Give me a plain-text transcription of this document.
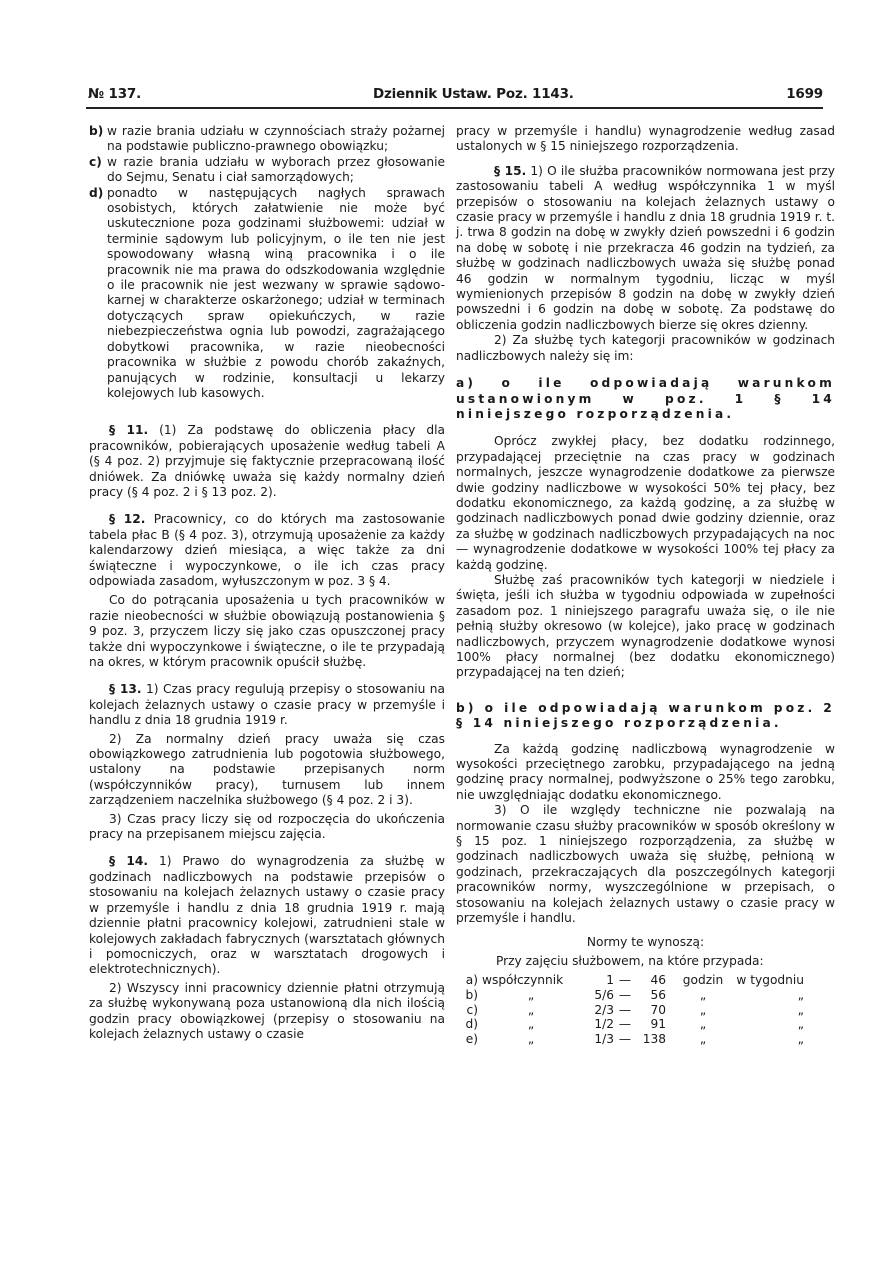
№ 137.	Dziennik Ustaw. Poz. 1143.	1699
b) w razie brania udziału w czynnościach straży pożarnej na podstawie publiczno-prawnego obowiązku;
c) w razie brania udziału w wyborach przez głosowanie do Sejmu, Senatu i ciał samorządowych;
d) ponadto w następujących nagłych sprawach osobistych, których załatwienie nie może być uskutecznione poza godzinami służbowemi: udział w terminie sądowym lub policyjnym, o ile ten nie jest spowodowany własną winą pracownika i o ile pracownik nie ma prawa do odszkodowania względnie o ile pracownik nie jest wezwany w sprawie sądowo-karnej w charakterze oskarżonego; udział w terminach dotyczących spraw opiekuńczych, w razie niebezpieczeństwa ognia lub powodzi, zagrażającego dobytkowi pracownika, w razie nieobecności pracownika w służbie z powodu chorób zakaźnych, panujących w rodzinie, konsultacji u lekarzy kolejowych lub kasowych.

§ 11. (1) Za podstawę do obliczenia płacy dla pracowników, pobierających uposażenie według tabeli A (§ 4 poz. 2) przyjmuje się faktycznie przepracowaną ilość dniówek. Za dniówkę uważa się każdy normalny dzień pracy (§ 4 poz. 2 i § 13 poz. 2).

§ 12. Pracownicy, co do których ma zastosowanie tabela płac B (§ 4 poz. 3), otrzymują uposażenie za każdy kalendarzowy dzień miesiąca, a więc także za dni świąteczne i wypoczynkowe, o ile ich czas pracy odpowiada zasadom, wyłuszczonym w poz. 3 § 4.

Co do potrącania uposażenia u tych pracowników w razie nieobecności w służbie obowiązują postanowienia § 9 poz. 3, przyczem liczy się jako czas opuszczonej pracy także dni wypoczynkowe i świąteczne, o ile te przypadają na okres, w którym pracownik opuścił służbę.

§ 13. 1) Czas pracy regulują przepisy o stosowaniu na kolejach żelaznych ustawy o czasie pracy w przemyśle i handlu z dnia 18 grudnia 1919 r.

2) Za normalny dzień pracy uważa się czas obowiązkowego zatrudnienia lub pogotowia służbowego, ustalony na podstawie przepisanych norm (współczynników pracy), turnusem lub innem zarządzeniem naczelnika służbowego (§ 4 poz. 2 i 3).

3) Czas pracy liczy się od rozpoczęcia do ukończenia pracy na przepisanem miejscu zajęcia.

§ 14. 1) Prawo do wynagrodzenia za służbę w godzinach nadliczbowych na podstawie przepisów o stosowaniu na kolejach żelaznych ustawy o czasie pracy w przemyśle i handlu z dnia 18 grudnia 1919 r. mają dziennie płatni pracownicy kolejowi, zatrudnieni stale w kolejowych zakładach fabrycznych (warsztatach głównych i pomocniczych, oraz w warsztatach drogowych i elektrotechnicznych).

2) Wszyscy inni pracownicy dziennie płatni otrzymują za służbę wykonywaną poza ustanowioną dla nich ilością godzin pracy obowiązkowej (przepisy o stosowaniu na kolejach żelaznych ustawy o czasie

pracy w przemyśle i handlu) wynagrodzenie według zasad ustalonych w § 15 niniejszego rozporządzenia.

§ 15. 1) O ile służba pracowników normowana jest przy zastosowaniu tabeli A według współczynnika 1 w myśl przepisów o stosowaniu na kolejach żelaznych ustawy o czasie pracy w przemyśle i handlu z dnia 18 grudnia 1919 r. t. j. trwa 8 godzin na dobę w zwykły dzień powszedni i 6 godzin na dobę w sobotę i nie przekracza 46 godzin na tydzień, za służbę w godzinach nadliczbowych uważa się służbę ponad 46 godzin w normalnym tygodniu, licząc w myśl wymienionych przepisów 8 godzin na dobę w zwykły dzień powszedni i 6 godzin na dobę w sobotę. Za podstawę do obliczenia godzin nadliczbowych bierze się okres dzienny.

2) Za służbę tych kategorji pracowników w godzinach nadliczbowych należy się im:

a) o ile odpowiadają warunkom ustanowionym w poz. 1 § 14 niniejszego rozporządzenia.

Oprócz zwykłej płacy, bez dodatku rodzinnego, przypadającej przeciętnie na czas pracy w godzinach normalnych, jeszcze wynagrodzenie dodatkowe za pierwsze dwie godziny nadliczbowe w wysokości 50% tej płacy, bez dodatku ekonomicznego, za każdą godzinę, a za służbę w godzinach nadliczbowych ponad dwie godziny dziennie, oraz za służbę w godzinach nadliczbowych przypadających na noc — wynagrodzenie dodatkowe w wysokości 100% tej płacy za każdą godzinę.

Służbę zaś pracowników tych kategorji w niedziele i święta, jeśli ich służba w tygodniu odpowiada w zupełności zasadom poz. 1 niniejszego paragrafu uważa się, o ile nie pełnią służby okresowo (w kolejce), jako pracę w godzinach nadliczbowych, przyczem wynagrodzenie dodatkowe wynosi 100% płacy normalnej (bez dodatku ekonomicznego) przypadającej na ten dzień;

b) o ile odpowiadają warunkom poz. 2 § 14 niniejszego rozporządzenia.

Za każdą godzinę nadliczbową wynagrodzenie w wysokości przeciętnego zarobku, przypadającego na jedną godzinę pracy normalnej, podwyższone o 25% tego zarobku, nie uwzględniając dodatku ekonomicznego.

3) O ile względy techniczne nie pozwalają na normowanie czasu służby pracowników w sposób określony w § 15 poz. 1 niniejszego rozporządzenia, za służbę w godzinach nadliczbowych uważa się służbę, pełnioną w godzinach, przekraczających dla poszczególnych kategorji pracowników normy, wyszczególnione w przepisach, o stosowaniu na kolejach żelaznych ustawy o czasie pracy w przemyśle i handlu.

Normy te wynoszą:

Przy zajęciu służbowem, na które przypada:

a) współczynnik	1 —	46	godzin	w tygodniu
b)	„	5/6 —	56	„	„
c)	„	2/3 —	70	„	„
d)	„	1/2 —	91	„	„
e)	„	1/3 — 138	„	„
